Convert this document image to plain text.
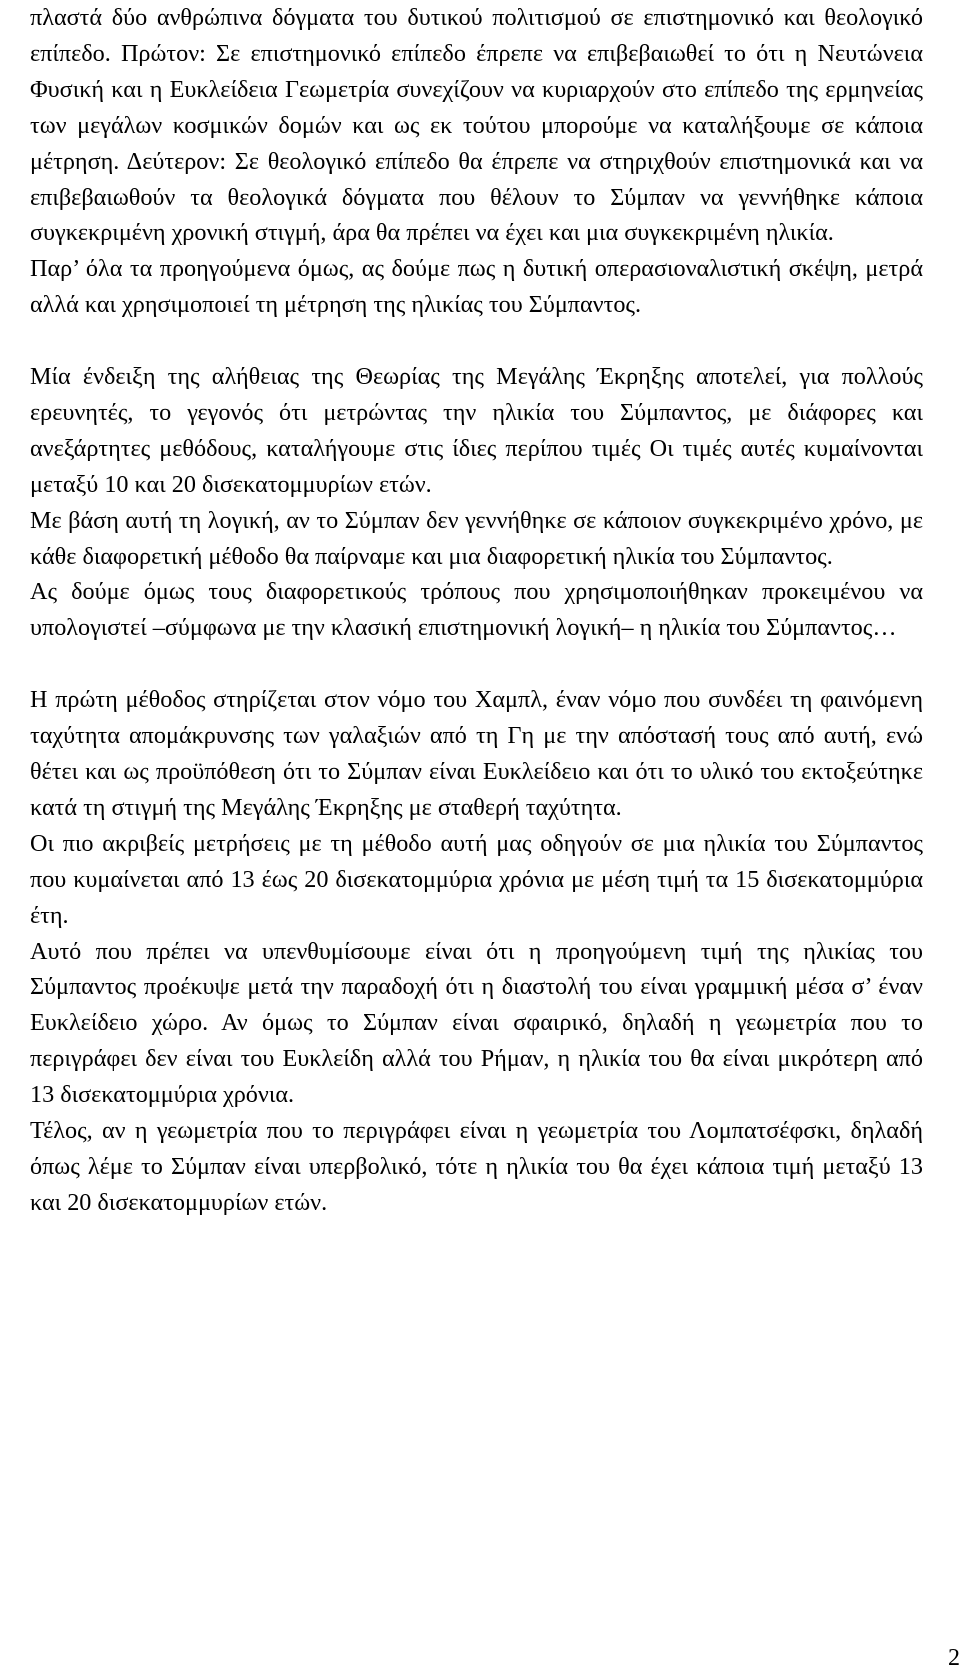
πλαστά δύο ανθρώπινα δόγματα του δυτικού πολιτισμού σε επιστημονικό και θεολογικό επίπεδο. Πρώτον: Σε επιστημονικό επίπεδο έπρεπε να επιβεβαιωθεί το ότι η Νευτώνεια Φυσική και η Ευκλείδεια Γεωμετρία συνεχίζουν να κυριαρχούν στο επίπεδο της ερμηνείας των μεγάλων κοσμικών δομών και ως εκ τούτου μπορούμε να καταλήξουμε σε κάποια μέτρηση. Δεύτερον: Σε θεολογικό επίπεδο θα έπρεπε να στηριχθούν επιστημονικά και να επιβεβαιωθούν τα θεολογικά δόγματα που θέλουν το Σύμπαν να γεννήθηκε κάποια συγκεκριμένη χρονική στιγμή, άρα θα πρέπει να έχει και μια συγκεκριμένη ηλικία.

Παρ’ όλα τα προηγούμενα όμως, ας δούμε πως η δυτική οπερασιοναλιστική σκέψη, μετρά αλλά και χρησιμοποιεί τη μέτρηση της ηλικίας του Σύμπαντος.

Μία ένδειξη της αλήθειας της Θεωρίας της Μεγάλης Έκρηξης αποτελεί, για πολλούς ερευνητές, το γεγονός ότι μετρώντας την ηλικία του Σύμπαντος, με διάφορες και ανεξάρτητες μεθόδους, καταλήγουμε στις ίδιες περίπου τιμές Οι τιμές αυτές κυμαίνονται μεταξύ 10 και 20 δισεκατομμυρίων ετών.

Με βάση αυτή τη λογική, αν το Σύμπαν δεν γεννήθηκε σε κάποιον συγκεκριμένο χρόνο, με κάθε διαφορετική μέθοδο θα παίρναμε και μια διαφορετική ηλικία του Σύμπαντος.

Ας δούμε όμως τους διαφορετικούς τρόπους που χρησιμοποιήθηκαν προκειμένου να υπολογιστεί –σύμφωνα με την κλασική επιστημονική λογική– η ηλικία του Σύμπαντος…

Η πρώτη μέθοδος στηρίζεται στον νόμο του Χαμπλ, έναν νόμο που συνδέει τη φαινόμενη ταχύτητα απομάκρυνσης των γαλαξιών από τη Γη με την απόστασή τους από αυτή, ενώ θέτει και ως προϋπόθεση ότι το Σύμπαν είναι Ευκλείδειο και ότι το υλικό του εκτοξεύτηκε κατά τη στιγμή της Μεγάλης Έκρηξης με σταθερή ταχύτητα.

Οι πιο ακριβείς μετρήσεις με τη μέθοδο αυτή μας οδηγούν σε μια ηλικία του Σύμπαντος που κυμαίνεται από 13 έως 20 δισεκατομμύρια χρόνια με μέση τιμή τα 15 δισεκατομμύρια έτη.

Αυτό που πρέπει να υπενθυμίσουμε είναι ότι η προηγούμενη τιμή της ηλικίας του Σύμπαντος προέκυψε μετά την παραδοχή ότι η διαστολή του είναι γραμμική μέσα σ’ έναν Ευκλείδειο χώρο. Αν όμως το Σύμπαν είναι σφαιρικό, δηλαδή η γεωμετρία που το περιγράφει δεν είναι του Ευκλείδη αλλά του Ρήμαν, η ηλικία του θα είναι μικρότερη από 13 δισεκατομμύρια χρόνια.

Τέλος, αν η γεωμετρία που το περιγράφει είναι η γεωμετρία του Λομπατσέφσκι, δηλαδή όπως λέμε το Σύμπαν είναι υπερβολικό, τότε η ηλικία του θα έχει κάποια τιμή μεταξύ 13 και 20 δισεκατομμυρίων ετών.

2
